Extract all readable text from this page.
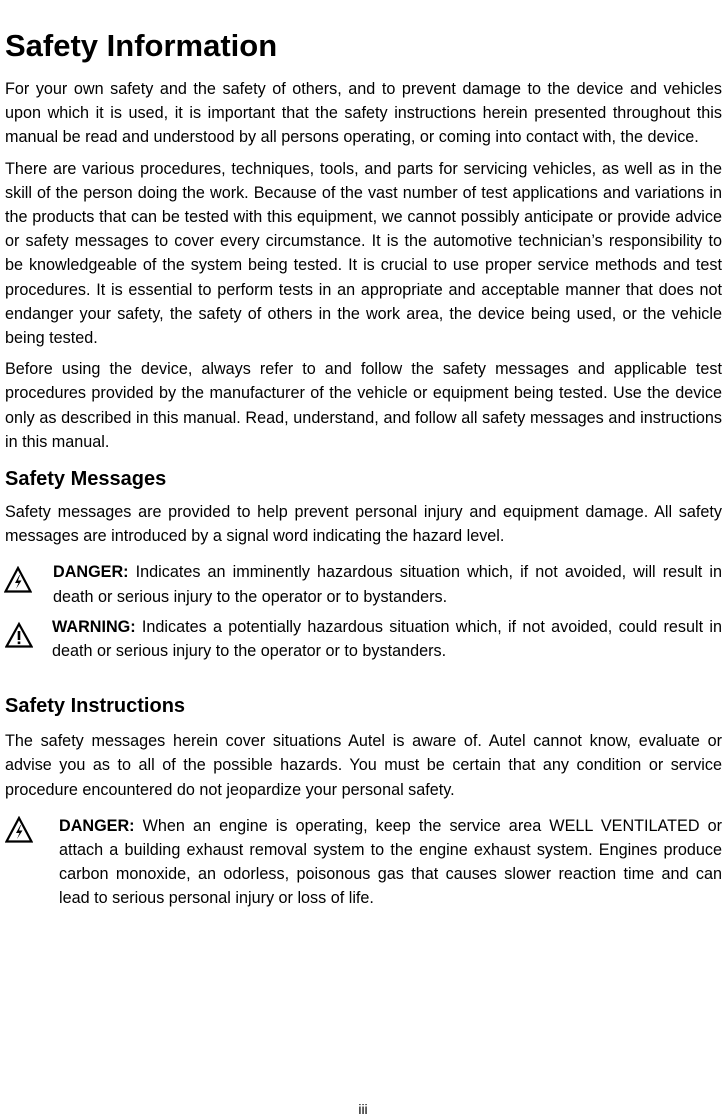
Safety Information

For your own safety and the safety of others, and to prevent damage to the device and vehicles upon which it is used, it is important that the safety instructions herein presented throughout this manual be read and understood by all persons operating, or coming into contact with, the device.

There are various procedures, techniques, tools, and parts for servicing vehicles, as well as in the skill of the person doing the work. Because of the vast number of test applications and variations in the products that can be tested with this equipment, we cannot possibly anticipate or provide advice or safety messages to cover every circumstance. It is the automotive technician’s responsibility to be knowledgeable of the system being tested. It is crucial to use proper service methods and test procedures. It is essential to perform tests in an appropriate and acceptable manner that does not endanger your safety, the safety of others in the work area, the device being used, or the vehicle being tested.

Before using the device, always refer to and follow the safety messages and applicable test procedures provided by the manufacturer of the vehicle or equipment being tested. Use the device only as described in this manual. Read, understand, and follow all safety messages and instructions in this manual.

Safety Messages

Safety messages are provided to help prevent personal injury and equipment damage. All safety messages are introduced by a signal word indicating the hazard level.

DANGER: Indicates an imminently hazardous situation which, if not avoided, will result in death or serious injury to the operator or to bystanders.
WARNING: Indicates a potentially hazardous situation which, if not avoided, could result in death or serious injury to the operator or to bystanders.
Safety Instructions

The safety messages herein cover situations Autel is aware of. Autel cannot know, evaluate or advise you as to all of the possible hazards. You must be certain that any condition or service procedure encountered do not jeopardize your personal safety.

DANGER: When an engine is operating, keep the service area WELL VENTILATED or attach a building exhaust removal system to the engine exhaust system. Engines produce carbon monoxide, an odorless, poisonous gas that causes slower reaction time and can lead to serious personal injury or loss of life.
iii
